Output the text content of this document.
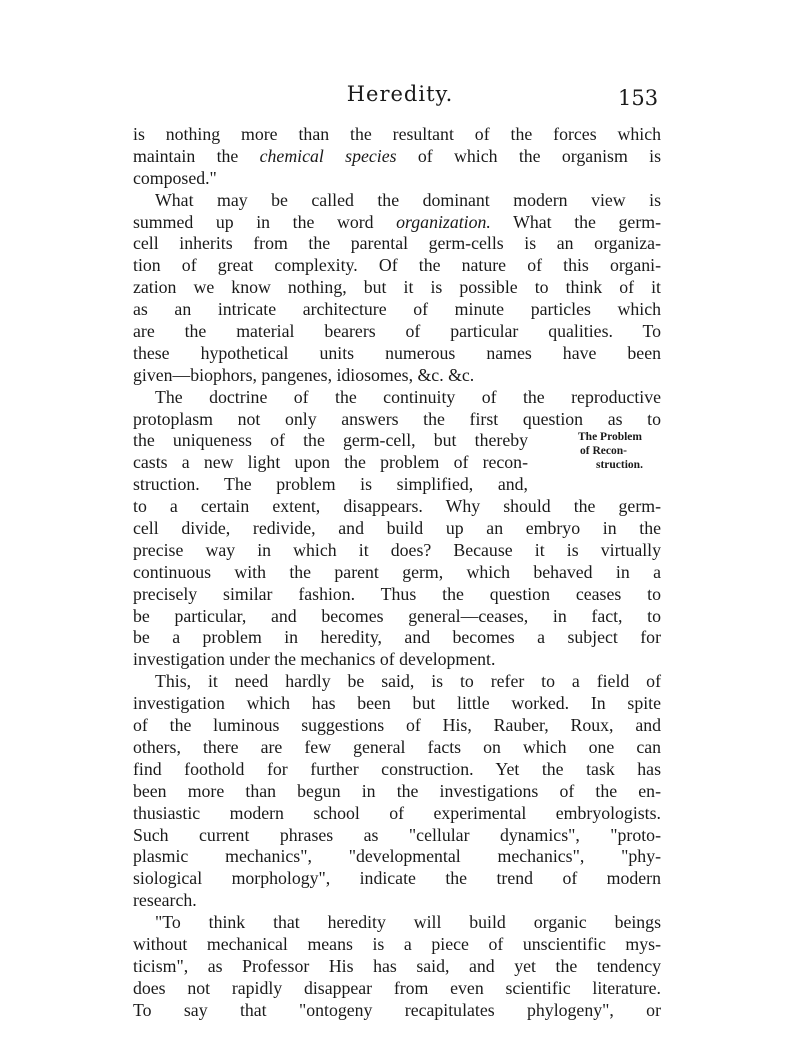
Heredity.	153
is nothing more than the resultant of the forces which
maintain the chemical species of which the organism is
composed."
What may be called the dominant modern view is
summed up in the word organization. What the germ-
cell inherits from the parental germ-cells is an organiza-
tion of great complexity. Of the nature of this organi-
zation we know nothing, but it is possible to think of it
as an intricate architecture of minute particles which
are the material bearers of particular qualities. To
these hypothetical units numerous names have been
given—biophors, pangenes, idiosomes, &c. &c.
The doctrine of the continuity of the reproductive
protoplasm not only answers the first question as to
the uniqueness of the germ-cell, but thereby
casts a new light upon the problem of recon-
struction. The problem is simplified, and,
to a certain extent, disappears. Why should the germ-
cell divide, redivide, and build up an embryo in the
precise way in which it does? Because it is virtually
continuous with the parent germ, which behaved in a
precisely similar fashion. Thus the question ceases to
be particular, and becomes general—ceases, in fact, to
be a problem in heredity, and becomes a subject for
investigation under the mechanics of development.
This, it need hardly be said, is to refer to a field of
investigation which has been but little worked. In spite
of the luminous suggestions of His, Rauber, Roux, and
others, there are few general facts on which one can
find foothold for further construction. Yet the task has
been more than begun in the investigations of the en-
thusiastic modern school of experimental embryologists.
Such current phrases as "cellular dynamics", "proto-
plasmic mechanics", "developmental mechanics", "phy-
siological morphology", indicate the trend of modern
research.
"To think that heredity will build organic beings
without mechanical means is a piece of unscientific mys-
ticism", as Professor His has said, and yet the tendency
does not rapidly disappear from even scientific literature.
To say that "ontogeny recapitulates phylogeny", or
The Problem
of Recon-
struction.
